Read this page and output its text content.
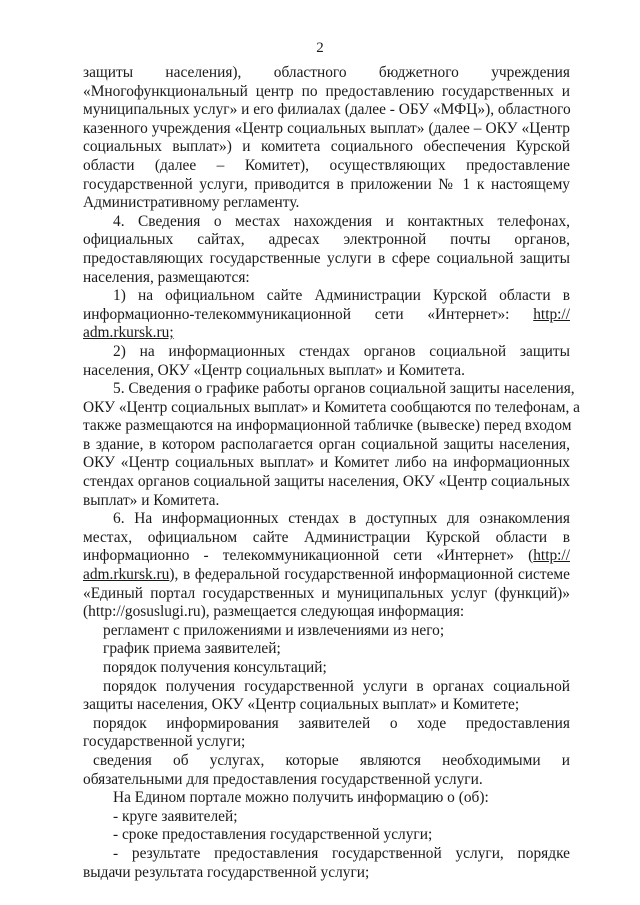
2
защиты населения), областного бюджетного учреждения
«Многофункциональный центр по предоставлению государственных и
муниципальных услуг» и его филиалах (далее - ОБУ «МФЦ»), областного
казенного учреждения «Центр социальных выплат» (далее – ОКУ «Центр
социальных выплат») и комитета социального обеспечения Курской
области (далее – Комитет), осуществляющих предоставление
государственной услуги, приводится в приложении № 1 к настоящему
Административному регламенту.
4. Сведения о местах нахождения и контактных телефонах,
официальных сайтах, адресах электронной почты органов,
предоставляющих государственные услуги в сфере социальной защиты
населения, размещаются:
1) на официальном сайте Администрации Курской области в
информационно-телекоммуникационной сети «Интернет»: http://
adm.rkursk.ru;
2) на информационных стендах органов социальной защиты
населения, ОКУ «Центр социальных выплат» и Комитета.
5. Сведения о графике работы органов социальной защиты населения,
ОКУ «Центр социальных выплат» и Комитета сообщаются по телефонам, а
также размещаются на информационной табличке (вывеске) перед входом
в здание, в котором располагается орган социальной защиты населения,
ОКУ «Центр социальных выплат» и Комитет либо на информационных
стендах органов социальной защиты населения, ОКУ «Центр социальных
выплат» и Комитета.
6. На информационных стендах в доступных для ознакомления
местах, официальном сайте Администрации Курской области в
информационно - телекоммуникационной сети «Интернет» (http://
adm.rkursk.ru), в федеральной государственной информационной системе
«Единый портал государственных и муниципальных услуг (функций)»
(http://gosuslugi.ru), размещается следующая информация:
регламент с приложениями и извлечениями из него;
график приема заявителей;
порядок получения консультаций;
порядок получения государственной услуги в органах социальной
защиты населения, ОКУ «Центр социальных выплат» и Комитете;
порядок информирования заявителей о ходе предоставления
государственной услуги;
сведения об услугах, которые являются необходимыми и
обязательными для предоставления государственной услуги.
На Едином портале можно получить информацию о (об):
- круге заявителей;
- сроке предоставления государственной услуги;
- результате предоставления государственной услуги, порядке
выдачи результата государственной услуги;
